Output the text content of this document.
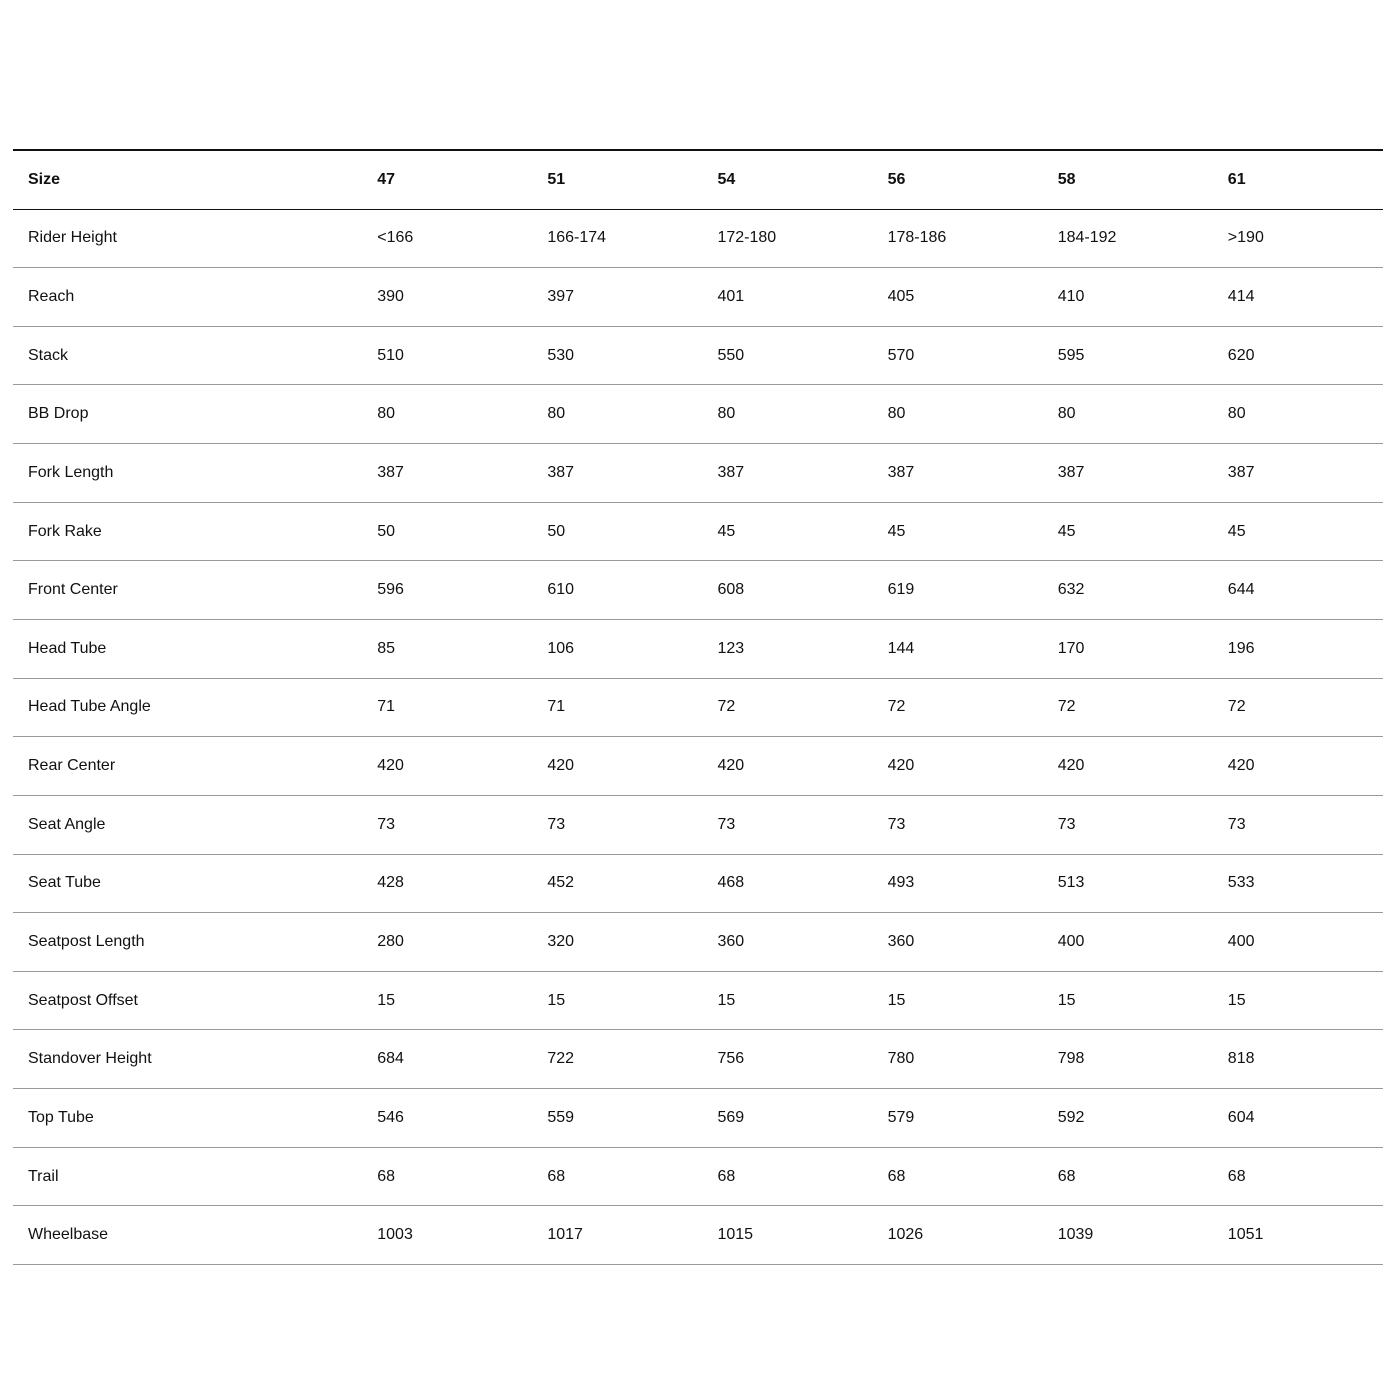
Size	47	51	54	56	58	61
Rider Height	<166	166-174	172-180	178-186	184-192	>190
Reach	390	397	401	405	410	414
Stack	510	530	550	570	595	620
BB Drop	80	80	80	80	80	80
Fork Length	387	387	387	387	387	387
Fork Rake	50	50	45	45	45	45
Front Center	596	610	608	619	632	644
Head Tube	85	106	123	144	170	196
Head Tube Angle	71	71	72	72	72	72
Rear Center	420	420	420	420	420	420
Seat Angle	73	73	73	73	73	73
Seat Tube	428	452	468	493	513	533
Seatpost Length	280	320	360	360	400	400
Seatpost Offset	15	15	15	15	15	15
Standover Height	684	722	756	780	798	818
Top Tube	546	559	569	579	592	604
Trail	68	68	68	68	68	68
Wheelbase	1003	1017	1015	1026	1039	1051
